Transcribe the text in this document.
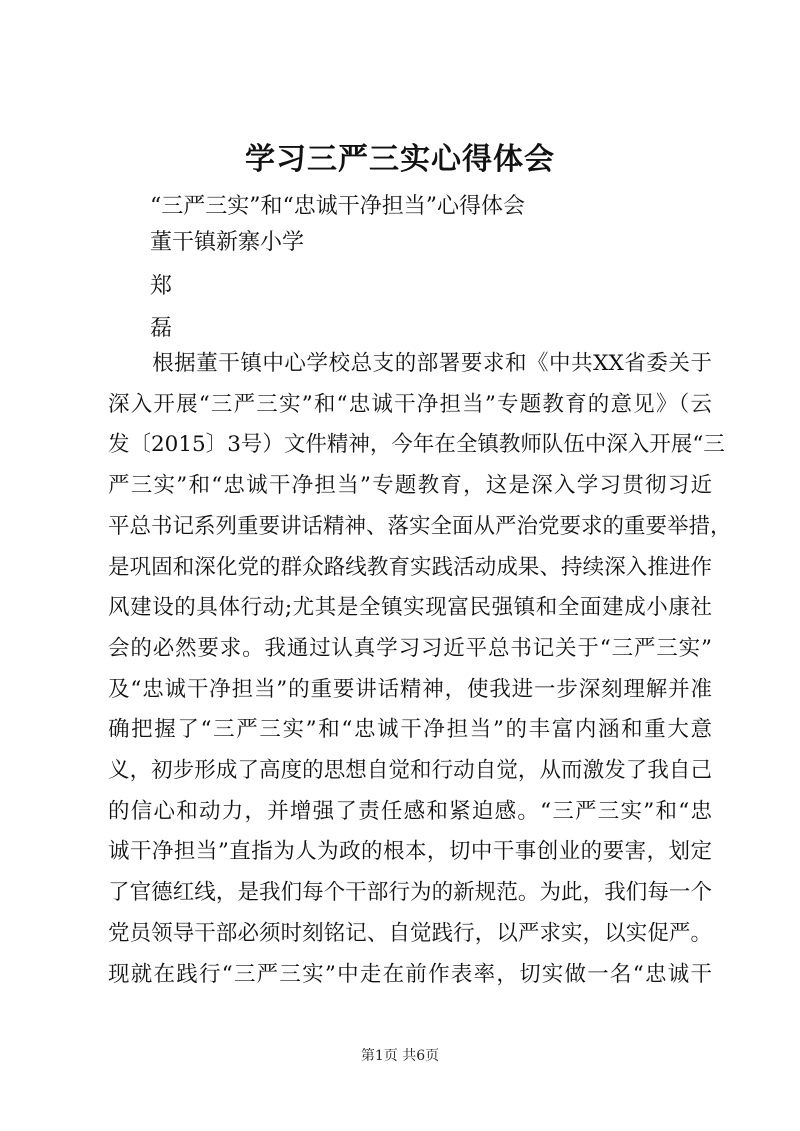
学习三严三实心得体会
“三严三实”和“忠诚干净担当”心得体会
董干镇新寨小学
郑
磊
　　根据董干镇中心学校总支的部署要求和《中共XX省委关于
深入开展“三严三实”和“忠诚干净担当”专题教育的意见》（云
发〔2015〕3号）文件精神，今年在全镇教师队伍中深入开展“三
严三实”和“忠诚干净担当”专题教育，这是深入学习贯彻习近
平总书记系列重要讲话精神、落实全面从严治党要求的重要举措，
是巩固和深化党的群众路线教育实践活动成果、持续深入推进作
风建设的具体行动;尤其是全镇实现富民强镇和全面建成小康社
会的必然要求。我通过认真学习习近平总书记关于“三严三实”
及“忠诚干净担当”的重要讲话精神，使我进一步深刻理解并准
确把握了“三严三实”和“忠诚干净担当”的丰富内涵和重大意
义，初步形成了高度的思想自觉和行动自觉，从而激发了我自己
的信心和动力，并增强了责任感和紧迫感。“三严三实”和“忠
诚干净担当”直指为人为政的根本，切中干事创业的要害，划定
了官德红线，是我们每个干部行为的新规范。为此，我们每一个
党员领导干部必须时刻铭记、自觉践行，以严求实，以实促严。
现就在践行“三严三实”中走在前作表率，切实做一名“忠诚干
第1页 共6页
